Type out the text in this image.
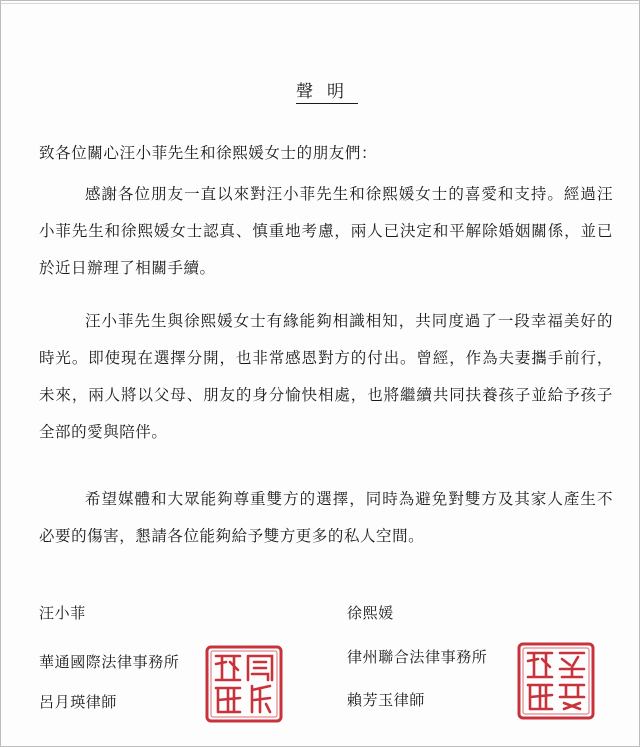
聲明
致各位關心汪小菲先生和徐熙媛女士的朋友們：

感謝各位朋友一直以來對汪小菲先生和徐熙媛女士的喜愛和支持。經過汪小菲先生和徐熙媛女士認真、慎重地考慮，兩人已決定和平解除婚姻關係，並已於近日辦理了相關手續。

汪小菲先生與徐熙媛女士有緣能夠相識相知，共同度過了一段幸福美好的時光。即使現在選擇分開，也非常感恩對方的付出。曾經，作為夫妻攜手前行，未來，兩人將以父母、朋友的身分愉快相處，也將繼續共同扶養孩子並給予孩子全部的愛與陪伴。

希望媒體和大眾能夠尊重雙方的選擇，同時為避免對雙方及其家人產生不必要的傷害，懇請各位能夠給予雙方更多的私人空間。

汪小菲
華通國際法律事務所
呂月瑛律師
徐熙媛
律州聯合法律事務所
賴芳玉律師
